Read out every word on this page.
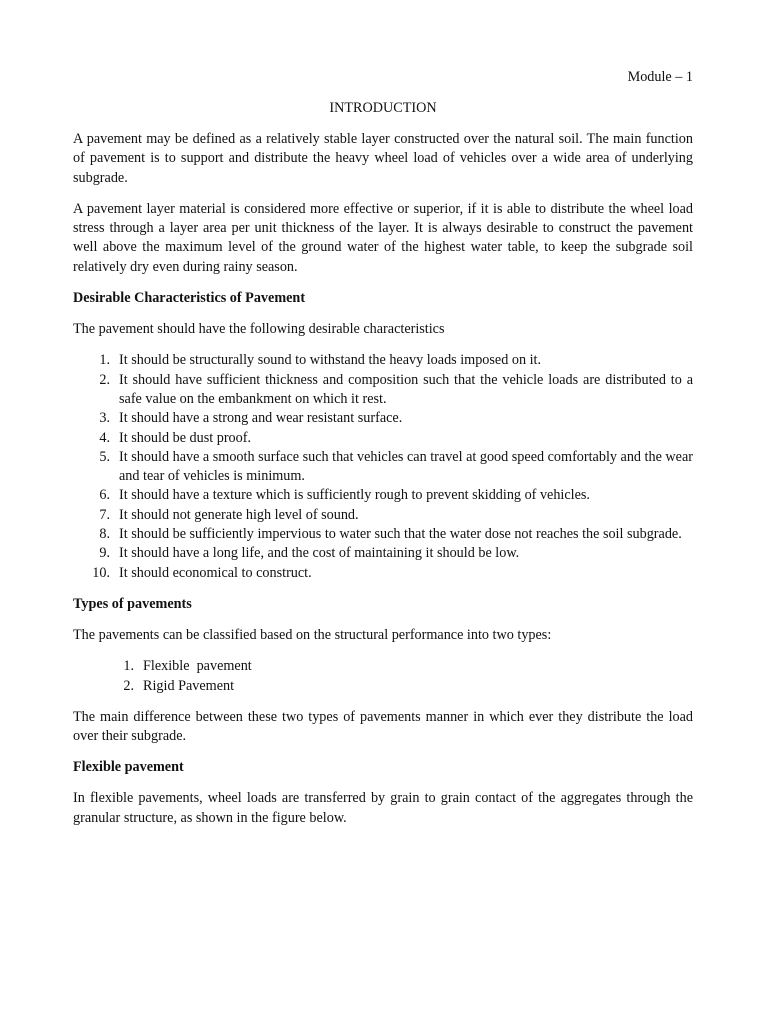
Module – 1
INTRODUCTION

A pavement may be defined as a relatively stable layer constructed over the natural soil. The main function of pavement is to support and distribute the heavy wheel load of vehicles over a wide area of underlying subgrade.

A pavement layer material is considered more effective or superior, if it is able to distribute the wheel load stress through a layer area per unit thickness of the layer. It is always desirable to construct the pavement well above the maximum level of the ground water of the highest water table, to keep the subgrade soil relatively dry even during rainy season.

Desirable Characteristics of Pavement

The pavement should have the following desirable characteristics

1. It should be structurally sound to withstand the heavy loads imposed on it.
2. It should have sufficient thickness and composition such that the vehicle loads are distributed to a safe value on the embankment on which it rest.
3. It should have a strong and wear resistant surface.
4. It should be dust proof.
5. It should have a smooth surface such that vehicles can travel at good speed comfortably and the wear and tear of vehicles is minimum.
6. It should have a texture which is sufficiently rough to prevent skidding of vehicles.
7. It should not generate high level of sound.
8. It should be sufficiently impervious to water such that the water dose not reaches the soil subgrade.
9. It should have a long life, and the cost of maintaining it should be low.
10. It should economical to construct.
Types of pavements

The pavements can be classified based on the structural performance into two types:

1. Flexible  pavement
2. Rigid Pavement

The main difference between these two types of pavements manner in which ever they distribute the load over their subgrade.

Flexible pavement

In flexible pavements, wheel loads are transferred by grain to grain contact of the aggregates through the granular structure, as shown in the figure below.
